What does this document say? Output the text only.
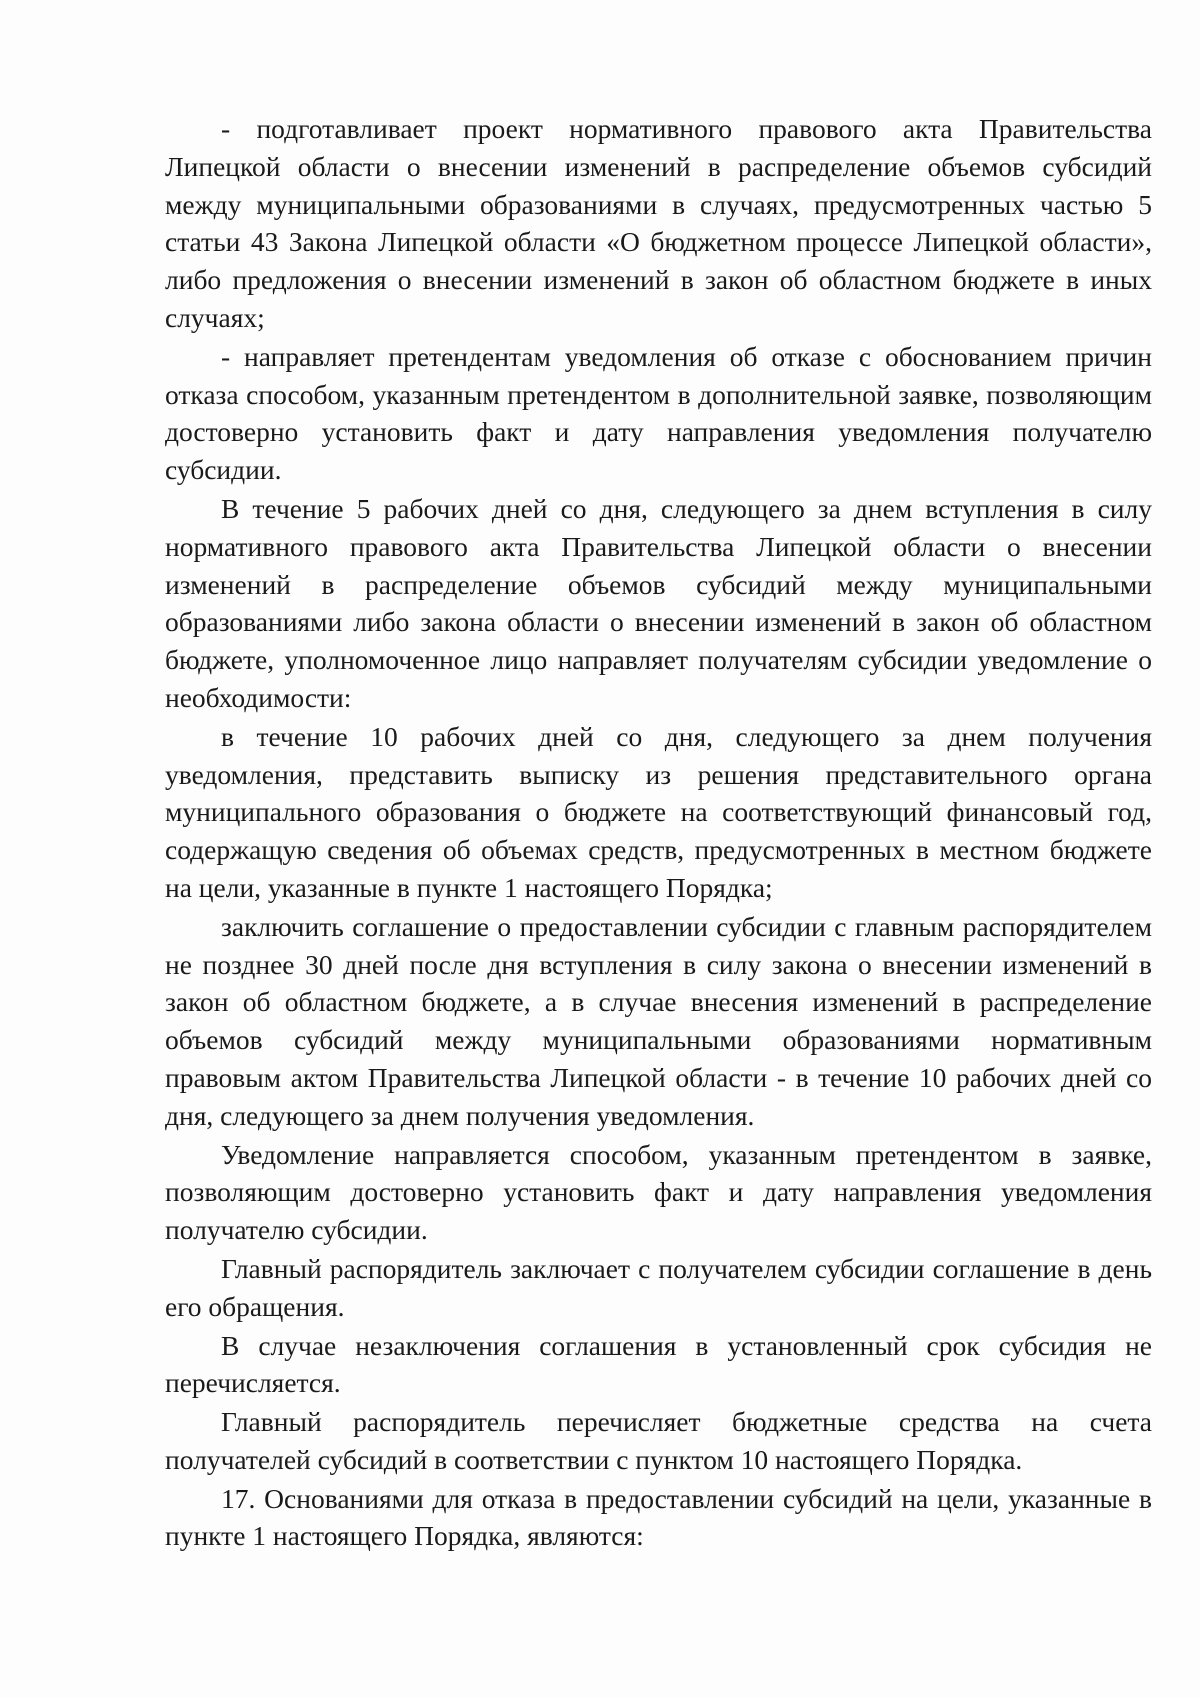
- подготавливает проект нормативного правового акта Правительства Липецкой области о внесении изменений в распределение объемов субсидий между муниципальными образованиями в случаях, предусмотренных частью 5 статьи 43 Закона Липецкой области «О бюджетном процессе Липецкой области», либо предложения о внесении изменений в закон об областном бюджете в иных случаях;

- направляет претендентам уведомления об отказе с обоснованием причин отказа способом, указанным претендентом в дополнительной заявке, позволяющим достоверно установить факт и дату направления уведомления получателю субсидии.

В течение 5 рабочих дней со дня, следующего за днем вступления в силу нормативного правового акта Правительства Липецкой области о внесении изменений в распределение объемов субсидий между муниципальными образованиями либо закона области о внесении изменений в закон об областном бюджете, уполномоченное лицо направляет получателям субсидии уведомление о необходимости:

в течение 10 рабочих дней со дня, следующего за днем получения уведомления, представить выписку из решения представительного органа муниципального образования о бюджете на соответствующий финансовый год, содержащую сведения об объемах средств, предусмотренных в местном бюджете на цели, указанные в пункте 1 настоящего Порядка;

заключить соглашение о предоставлении субсидии с главным распорядителем не позднее 30 дней после дня вступления в силу закона о внесении изменений в закон об областном бюджете, а в случае внесения изменений в распределение объемов субсидий между муниципальными образованиями нормативным правовым актом Правительства Липецкой области - в течение 10 рабочих дней со дня, следующего за днем получения уведомления.

Уведомление направляется способом, указанным претендентом в заявке, позволяющим достоверно установить факт и дату направления уведомления получателю субсидии.

Главный распорядитель заключает с получателем субсидии соглашение в день его обращения.

В случае незаключения соглашения в установленный срок субсидия не перечисляется.

Главный распорядитель перечисляет бюджетные средства на счета получателей субсидий в соответствии с пунктом 10 настоящего Порядка.

17. Основаниями для отказа в предоставлении субсидий на цели, указанные в пункте 1 настоящего Порядка, являются:
